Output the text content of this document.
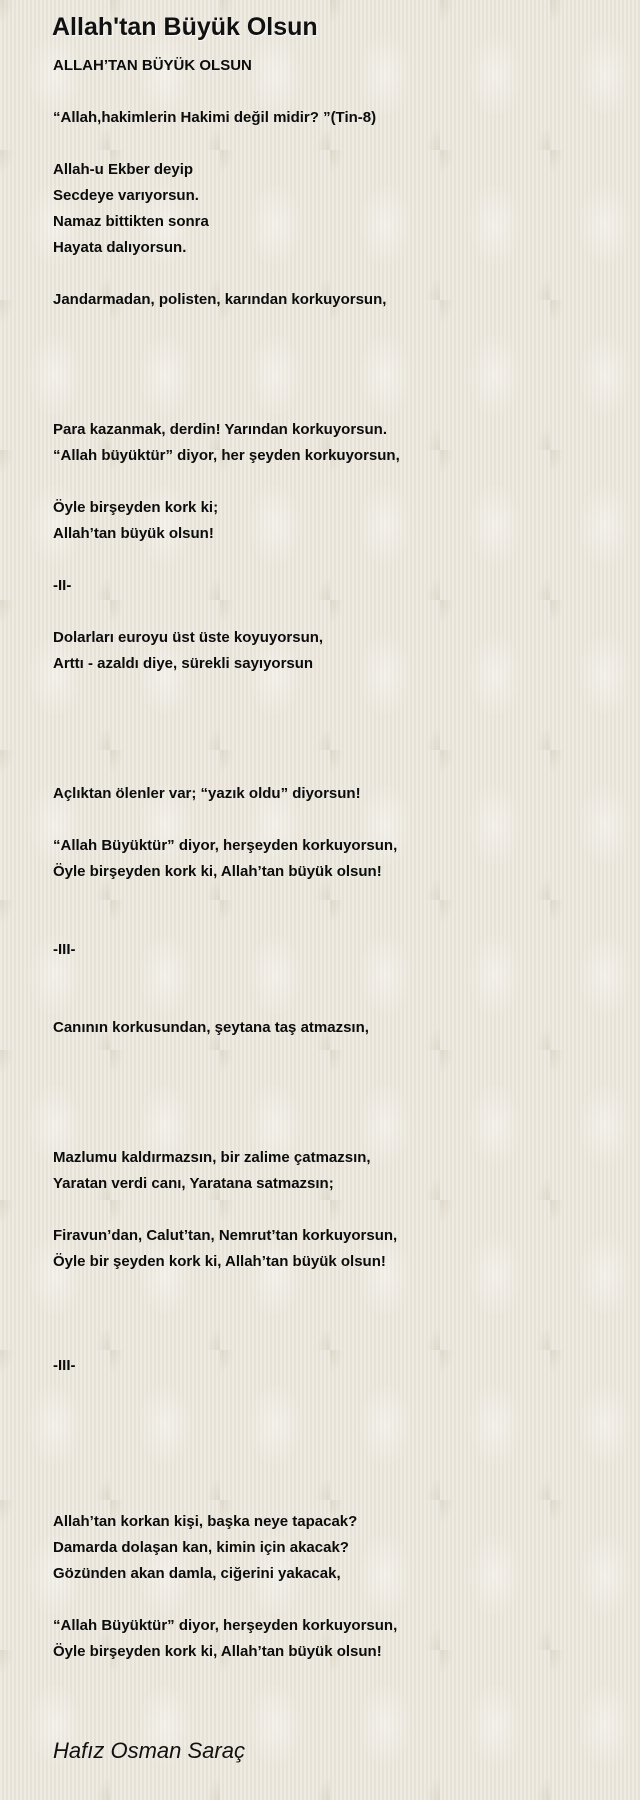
Allah'tan Büyük Olsun
ALLAH’TAN BÜYÜK OLSUN
“Allah,hakimlerin Hakimi değil midir? ”(Tin-8)
Allah-u Ekber deyip
Secdeye varıyorsun.
Namaz bittikten sonra
Hayata dalıyorsun.
Jandarmadan, polisten, karından korkuyorsun,
Para kazanmak, derdin! Yarından korkuyorsun.
“Allah büyüktür” diyor, her şeyden korkuyorsun,
Öyle birşeyden kork ki;
Allah’tan büyük olsun!
-II-
Dolarları euroyu üst üste koyuyorsun,
Arttı - azaldı diye, sürekli sayıyorsun
Açlıktan ölenler var; “yazık oldu” diyorsun!
“Allah Büyüktür” diyor, herşeyden korkuyorsun,
Öyle birşeyden kork ki, Allah’tan büyük olsun!
-III-
Canının korkusundan, şeytana taş atmazsın,
Mazlumu kaldırmazsın, bir zalime çatmazsın,
Yaratan verdi canı, Yaratana satmazsın;
Firavun’dan, Calut’tan, Nemrut’tan korkuyorsun,
Öyle bir şeyden kork ki, Allah’tan büyük olsun!
-III-
Allah’tan korkan kişi, başka neye tapacak?
Damarda dolaşan kan, kimin için akacak?
Gözünden akan damla, ciğerini yakacak,
“Allah Büyüktür” diyor, herşeyden korkuyorsun,
Öyle birşeyden kork ki, Allah’tan büyük olsun!

Hafız Osman Saraç
